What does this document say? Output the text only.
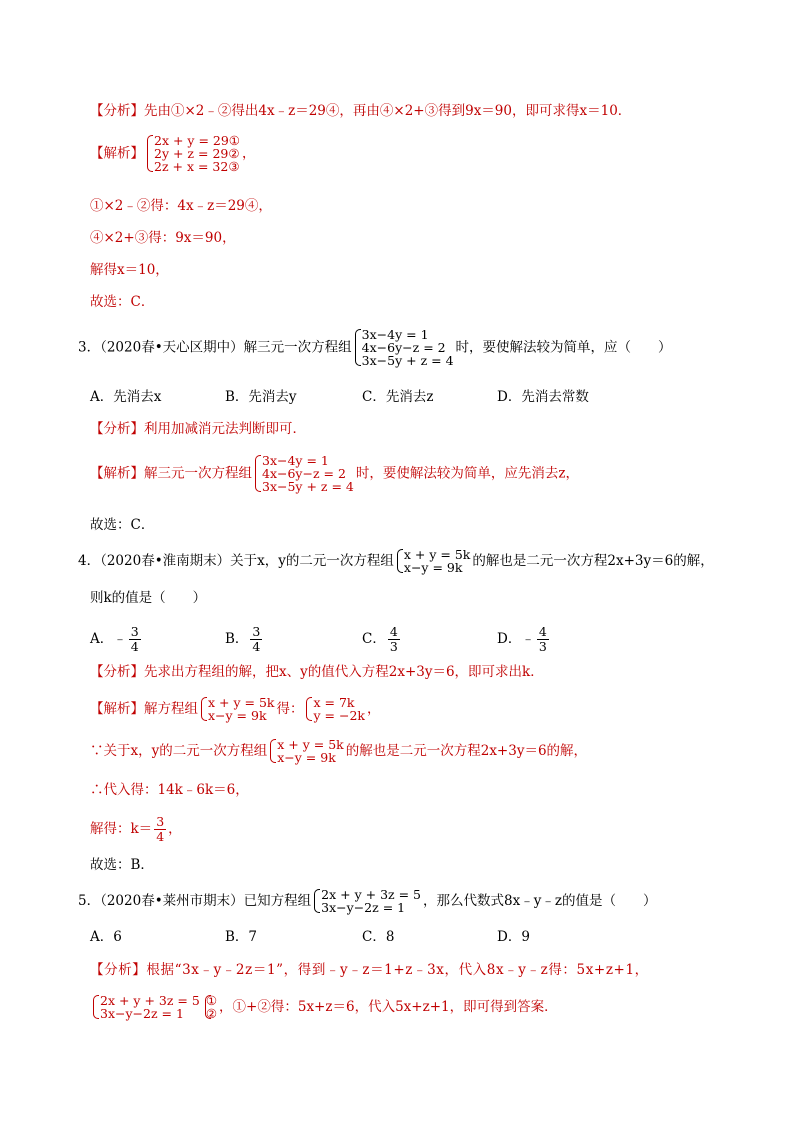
【分析】先由①×2﹣②得出4x﹣z＝29④，再由④×2+③得到9x＝90，即可求得x＝10．
【解析】
2x + y = 29①
2y + z = 29②
2z + x = 32③
，
①×2﹣②得：4x﹣z＝29④，
④×2+③得：9x＝90，
解得x＝10，
故选：C．
3．（2020春•天心区期中）解三元一次方程组
3x−4y = 1
4x−6y−z = 2
3x−5y + z = 4
时，要使解法较为简单，应（　　）
A．先消去x	B．先消去y	C．先消去z	D．先消去常数
【分析】利用加减消元法判断即可．
【解析】解三元一次方程组
3x−4y = 1
4x−6y−z = 2
3x−5y + z = 4
时，要使解法较为简单，应先消去z，
故选：C．
4．（2020春•淮南期末）关于x，y的二元一次方程组 x + y = 5k
x−y = 9k 的解也是二元一次方程2x+3y＝6的解，
则k的值是（　　）
A．﹣ $\frac{3}{4}$	B． $\frac{3}{4}$	C． $\frac{4}{3}$	D．﹣ $\frac{4}{3}$
【分析】先求出方程组的解，把x、y的值代入方程2x+3y＝6，即可求出k．
【解析】解方程组 x + y = 5k
x−y = 9k 得： x = 7k
y = −2k ，
∵关于x，y的二元一次方程组 x + y = 5k
x−y = 9k 的解也是二元一次方程2x+3y＝6的解，
∴代入得：14k﹣6k＝6，
解得：$k= \frac{3}{4}$ ，
故选：B．
5．（2020春•莱州市期末）已知方程组 2x + y + 3z = 5
3x−y−2z = 1	，那么代数式8x﹣y﹣z的值是（　　）
A．6	B．7	C．8	D．9
【分析】根据“3x﹣y﹣2z＝1”，得到﹣y﹣z＝1+z﹣3x，代入8x﹣y﹣z得：5x+z+1，
2x + y + 3z = 5
3x−y−2z = 1
①
② ，①+②得：5x+z＝6，代入5x+z+1，即可得到答案．
